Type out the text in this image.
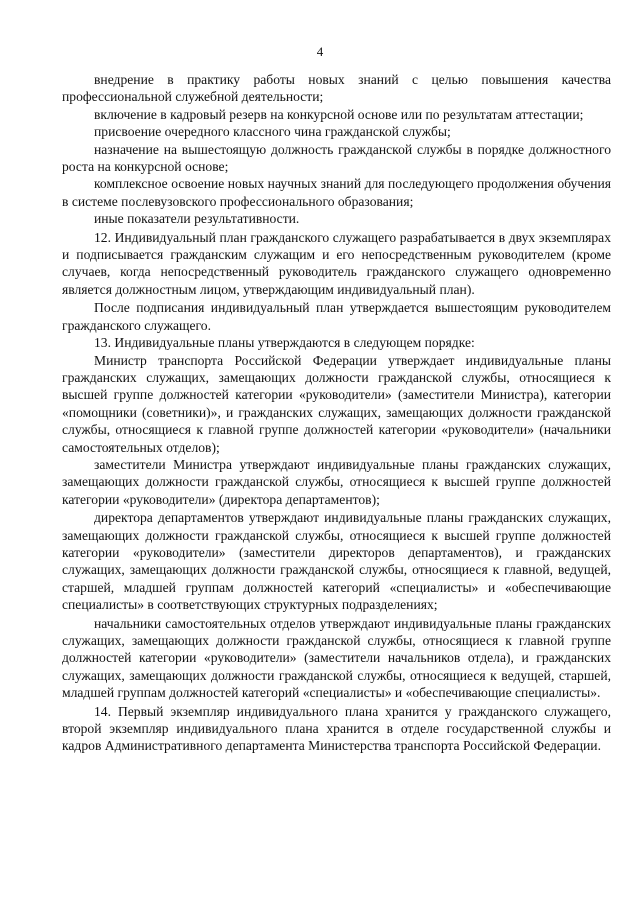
4

внедрение в практику работы новых знаний с целью повышения качества профессиональной служебной деятельности;

включение в кадровый резерв на конкурсной основе или по результатам аттестации;

присвоение очередного классного чина гражданской службы;

назначение на вышестоящую должность гражданской службы в порядке должностного роста на конкурсной основе;

комплексное освоение новых научных знаний для последующего продолжения обучения в системе послевузовского профессионального образования;

иные показатели результативности.

12. Индивидуальный план гражданского служащего разрабатывается в двух экземплярах и подписывается гражданским служащим и его непосредственным руководителем (кроме случаев, когда непосредственный руководитель гражданского служащего одновременно является должностным лицом, утверждающим индивидуальный план).

После подписания индивидуальный план утверждается вышестоящим руководителем гражданского служащего.

13. Индивидуальные планы утверждаются в следующем порядке:

Министр транспорта Российской Федерации утверждает индивидуальные планы гражданских служащих, замещающих должности гражданской службы, относящиеся к высшей группе должностей категории «руководители» (заместители Министра), категории «помощники (советники)», и гражданских служащих, замещающих должности гражданской службы, относящиеся к главной группе должностей категории «руководители» (начальники самостоятельных отделов);

заместители Министра утверждают индивидуальные планы гражданских служащих, замещающих должности гражданской службы, относящиеся к высшей группе должностей категории «руководители» (директора департаментов);

директора департаментов утверждают индивидуальные планы гражданских служащих, замещающих должности гражданской службы, относящиеся к высшей группе должностей категории «руководители» (заместители директоров департаментов), и гражданских служащих, замещающих должности гражданской службы, относящиеся к главной, ведущей, старшей, младшей группам должностей категорий «специалисты» и «обеспечивающие специалисты» в соответствующих структурных подразделениях;

начальники самостоятельных отделов утверждают индивидуальные планы гражданских служащих, замещающих должности гражданской службы, относящиеся к главной группе должностей категории «руководители» (заместители начальников отдела), и гражданских служащих, замещающих должности гражданской службы, относящиеся к ведущей, старшей, младшей группам должностей категорий «специалисты» и «обеспечивающие специалисты».

14. Первый экземпляр индивидуального плана хранится у гражданского служащего, второй экземпляр индивидуального плана хранится в отделе государственной службы и кадров Административного департамента Министерства транспорта Российской Федерации.
